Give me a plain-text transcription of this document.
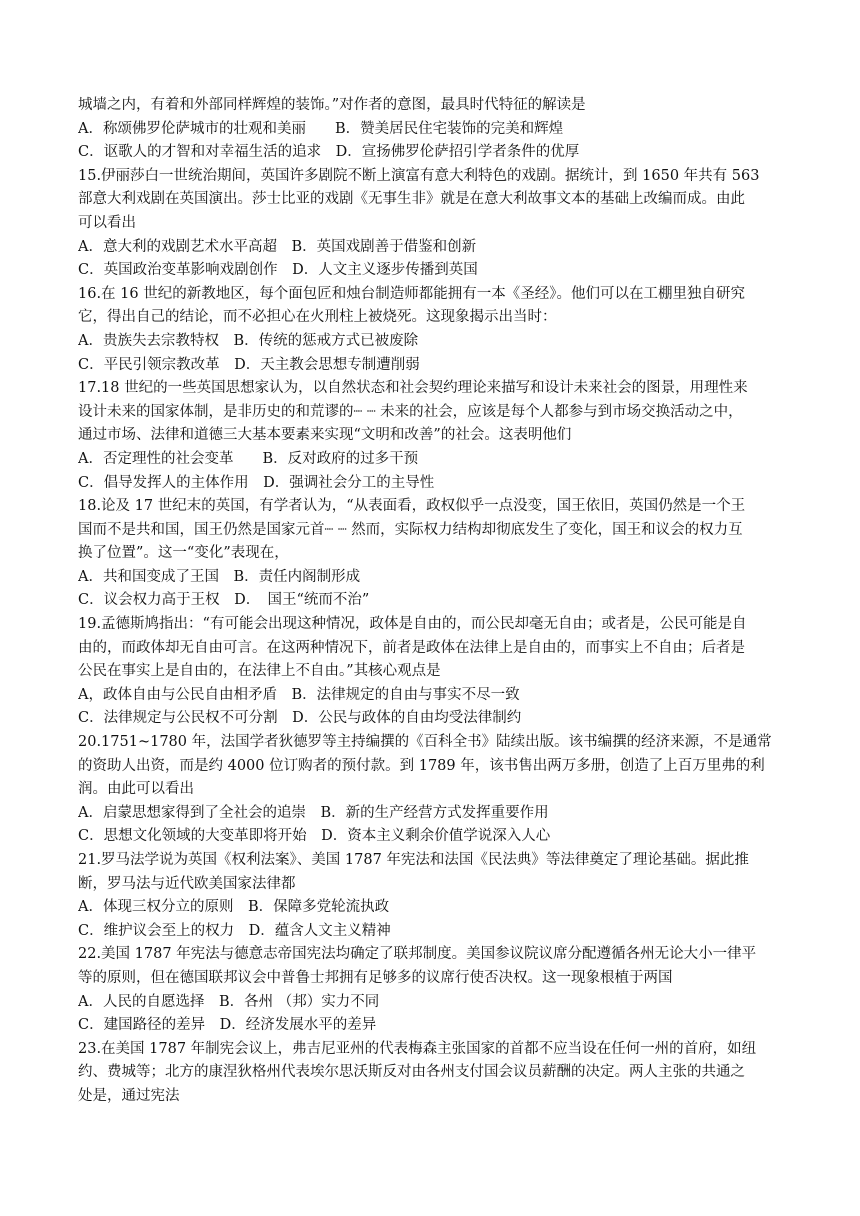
城墙之内，有着和外部同样辉煌的装饰。”对作者的意图，最具时代特征的解读是
A．称颂佛罗伦萨城市的壮观和美丽　　B．赞美居民住宅装饰的完美和辉煌
C．讴歌人的才智和对幸福生活的追求　D．宣扬佛罗伦萨招引学者条件的优厚
15.伊丽莎白一世统治期间，英国许多剧院不断上演富有意大利特色的戏剧。据统计，到 1650 年共有 563
部意大利戏剧在英国演出。莎士比亚的戏剧《无事生非》就是在意大利故事文本的基础上改编而成。由此
可以看出
A．意大利的戏剧艺术水平高超　B．英国戏剧善于借鉴和创新
C．英国政治变革影响戏剧创作　D．人文主义逐步传播到英国
16.在 16 世纪的新教地区，每个面包匠和烛台制造师都能拥有一本《圣经》。他们可以在工棚里独自研究
它，得出自己的结论，而不必担心在火刑柱上被烧死。这现象揭示出当时：
A．贵族失去宗教特权　B．传统的惩戒方式已被废除
C．平民引领宗教改革　D．天主教会思想专制遭削弱
17.18 世纪的一些英国思想家认为，以自然状态和社会契约理论来描写和设计未来社会的图景，用理性来
设计未来的国家体制，是非历史的和荒谬的┈ ┈ 未来的社会，应该是每个人都参与到市场交换活动之中，
通过市场、法律和道德三大基本要素来实现“文明和改善”的社会。这表明他们
A．否定理性的社会变革　　B．反对政府的过多干预
C．倡导发挥人的主体作用　D．强调社会分工的主导性
18.论及 17 世纪末的英国，有学者认为，“从表面看，政权似乎一点没变，国王依旧，英国仍然是一个王
国而不是共和国，国王仍然是国家元首┈ ┈ 然而，实际权力结构却彻底发生了变化，国王和议会的权力互
换了位置”。这一“变化”表现在，
A．共和国变成了王国　B．责任内阁制形成
C．议会权力高于王权　D．　国王“统而不治”
19.孟德斯鸠指出：“有可能会出现这种情况，政体是自由的，而公民却毫无自由；或者是，公民可能是自
由的，而政体却无自由可言。在这两种情况下，前者是政体在法律上是自由的，而事实上不自由；后者是
公民在事实上是自由的，在法律上不自由。”其核心观点是
A，政体自由与公民自由相矛盾　B．法律规定的自由与事实不尽一致
C．法律规定与公民权不可分割　D．公民与政体的自由均受法律制约
20.1751~1780 年，法国学者狄德罗等主持编撰的《百科全书》陆续出版。该书编撰的经济来源，不是通常
的资助人出资，而是约 4000 位订购者的预付款。到 1789 年，该书售出两万多册，创造了上百万里弗的利
润。由此可以看出
A．启蒙思想家得到了全社会的追崇　B．新的生产经营方式发挥重要作用
C．思想文化领域的大变革即将开始　D．资本主义剩余价值学说深入人心
21.罗马法学说为英国《权利法案》、美国 1787 年宪法和法国《民法典》等法律奠定了理论基础。据此推
断，罗马法与近代欧美国家法律都
A．体现三权分立的原则　B．保障多党轮流执政
C．维护议会至上的权力　D．蕴含人文主义精神
22.美国 1787 年宪法与德意志帝国宪法均确定了联邦制度。美国参议院议席分配遵循各州无论大小一律平
等的原则，但在德国联邦议会中普鲁士邦拥有足够多的议席行使否决权。这一现象根植于两国
A．人民的自愿选择　B．各州 （邦）实力不同
C．建国路径的差异　D．经济发展水平的差异
23.在美国 1787 年制宪会议上，弗吉尼亚州的代表梅森主张国家的首都不应当设在任何一州的首府，如纽
约、费城等；北方的康涅狄格州代表埃尔思沃斯反对由各州支付国会议员薪酬的决定。两人主张的共通之
处是，通过宪法
